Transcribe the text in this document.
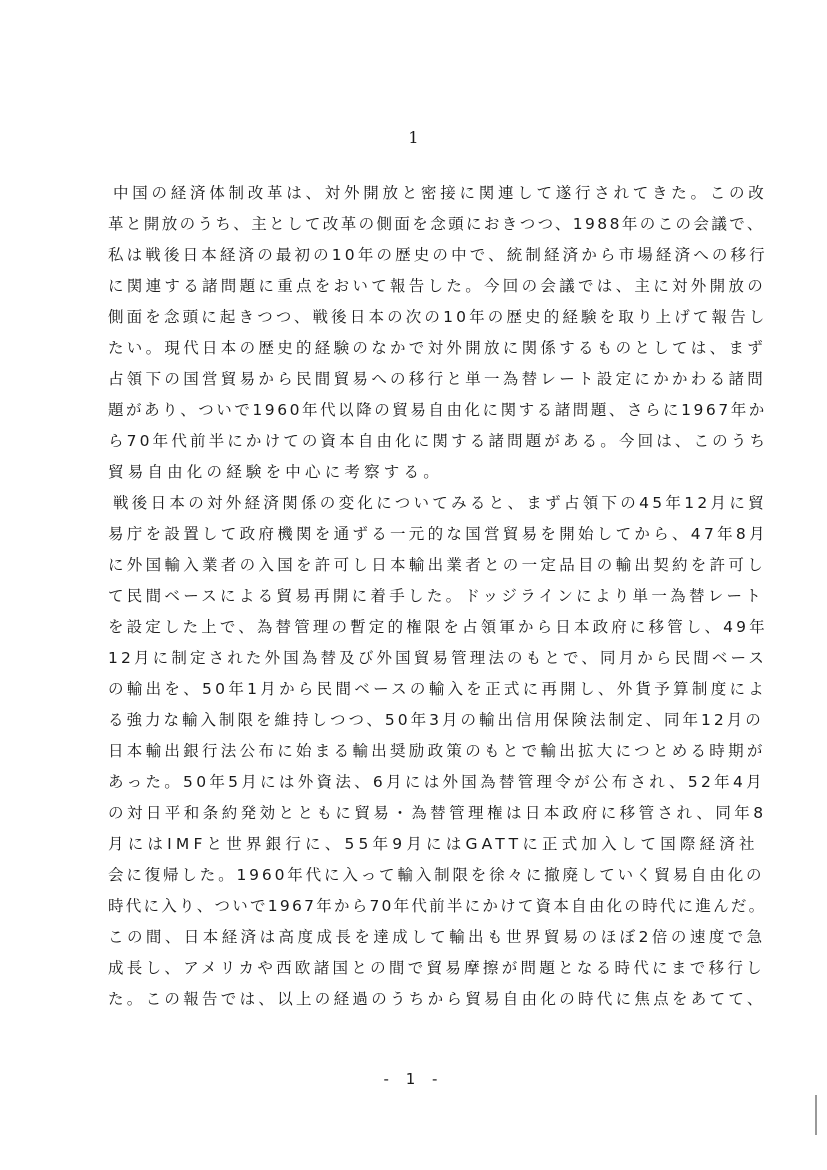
1
中国の経済体制改革は、対外開放と密接に関連して遂行されてきた。この改
革と開放のうち、主として改革の側面を念頭におきつつ、1988年のこの会議で、
私は戦後日本経済の最初の10年の歴史の中で、統制経済から市場経済への移行
に関連する諸問題に重点をおいて報告した。今回の会議では、主に対外開放の
側面を念頭に起きつつ、戦後日本の次の10年の歴史的経験を取り上げて報告し
たい。現代日本の歴史的経験のなかで対外開放に関係するものとしては、まず
占領下の国営貿易から民間貿易への移行と単一為替レート設定にかかわる諸問
題があり、ついで1960年代以降の貿易自由化に関する諸問題、さらに1967年か
ら70年代前半にかけての資本自由化に関する諸問題がある。今回は、このうち
貿易自由化の経験を中心に考察する。
戦後日本の対外経済関係の変化についてみると、まず占領下の45年12月に貿
易庁を設置して政府機関を通ずる一元的な国営貿易を開始してから、47年8月
に外国輸入業者の入国を許可し日本輸出業者との一定品目の輸出契約を許可し
て民間ベースによる貿易再開に着手した。ドッジラインにより単一為替レート
を設定した上で、為替管理の暫定的権限を占領軍から日本政府に移管し、49年
12月に制定された外国為替及び外国貿易管理法のもとで、同月から民間ベース
の輸出を、50年1月から民間ベースの輸入を正式に再開し、外貨予算制度によ
る強力な輸入制限を維持しつつ、50年3月の輸出信用保険法制定、同年12月の
日本輸出銀行法公布に始まる輸出奨励政策のもとで輸出拡大につとめる時期が
あった。50年5月には外資法、6月には外国為替管理令が公布され、52年4月
の対日平和条約発効とともに貿易・為替管理権は日本政府に移管され、同年8
月にはIMFと世界銀行に、55年9月にはGATTに正式加入して国際経済社
会に復帰した。1960年代に入って輸入制限を徐々に撤廃していく貿易自由化の
時代に入り、ついで1967年から70年代前半にかけて資本自由化の時代に進んだ。
この間、日本経済は高度成長を達成して輸出も世界貿易のほぼ2倍の速度で急
成長し、アメリカや西欧諸国との間で貿易摩擦が問題となる時代にまで移行し
た。この報告では、以上の経過のうちから貿易自由化の時代に焦点をあてて、
- 1 -
